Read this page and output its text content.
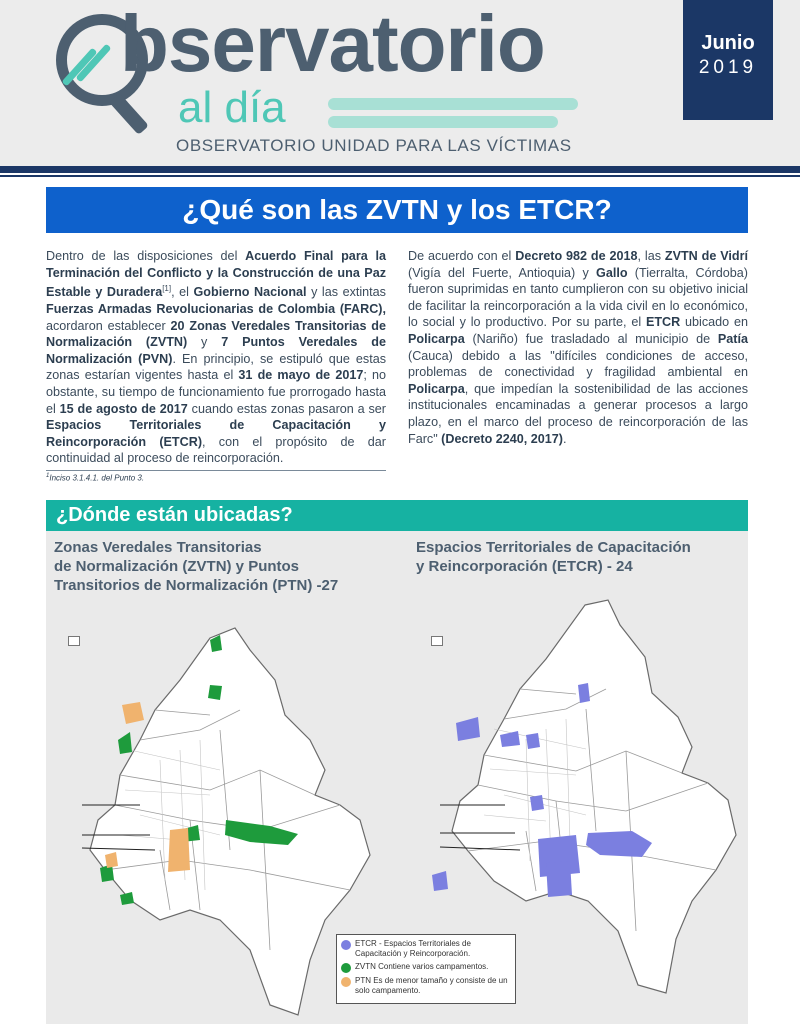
bservatorio
al día
OBSERVATORIO UNIDAD PARA LAS VÍCTIMAS
Junio
2019
¿Qué son las ZVTN y los ETCR?
Dentro de las disposiciones del Acuerdo Final para la Terminación del Conflicto y la Construcción de una Paz Estable y Duradera[1], el Gobierno Nacional y las extintas Fuerzas Armadas Revolucionarias de Colombia (FARC), acordaron establecer 20 Zonas Veredales Transitorias de Normalización (ZVTN) y 7 Puntos Veredales de Normalización (PVN). En principio, se estipuló que estas zonas estarían vigentes hasta el 31 de mayo de 2017; no obstante, su tiempo de funcionamiento fue prorrogado hasta el 15 de agosto de 2017 cuando estas zonas pasaron a ser Espacios Territoriales de Capacitación y Reincorporación (ETCR), con el propósito de dar continuidad al proceso de reincorporación.
De acuerdo con el Decreto 982 de 2018, las ZVTN de Vidrí (Vigía del Fuerte, Antioquia) y Gallo (Tierralta, Córdoba) fueron suprimidas en tanto cumplieron con su objetivo inicial de facilitar la reincorporación a la vida civil en lo económico, lo social y lo productivo. Por su parte, el ETCR ubicado en Policarpa (Nariño) fue trasladado al municipio de Patía (Cauca) debido a las "difíciles condiciones de acceso, problemas de conectividad y fragilidad ambiental en Policarpa, que impedían la sostenibilidad de las acciones institucionales encaminadas a generar procesos a largo plazo, en el marco del proceso de reincorporación de las Farc" (Decreto 2240, 2017).
$^1$Inciso 3.1.4.1. del Punto 3.
¿Dónde están ubicadas?
Zonas Veredales Transitorias
de Normalización (ZVTN) y Puntos
Transitorios de Normalización (PTN) -27
Espacios Territoriales de Capacitación
y Reincorporación (ETCR) - 24
ETCR - Espacios Territoriales de Capacitación y Reincorporación.
ZVTN Contiene varios campamentos.
PTN Es de menor tamaño y consiste de un solo campamento.
